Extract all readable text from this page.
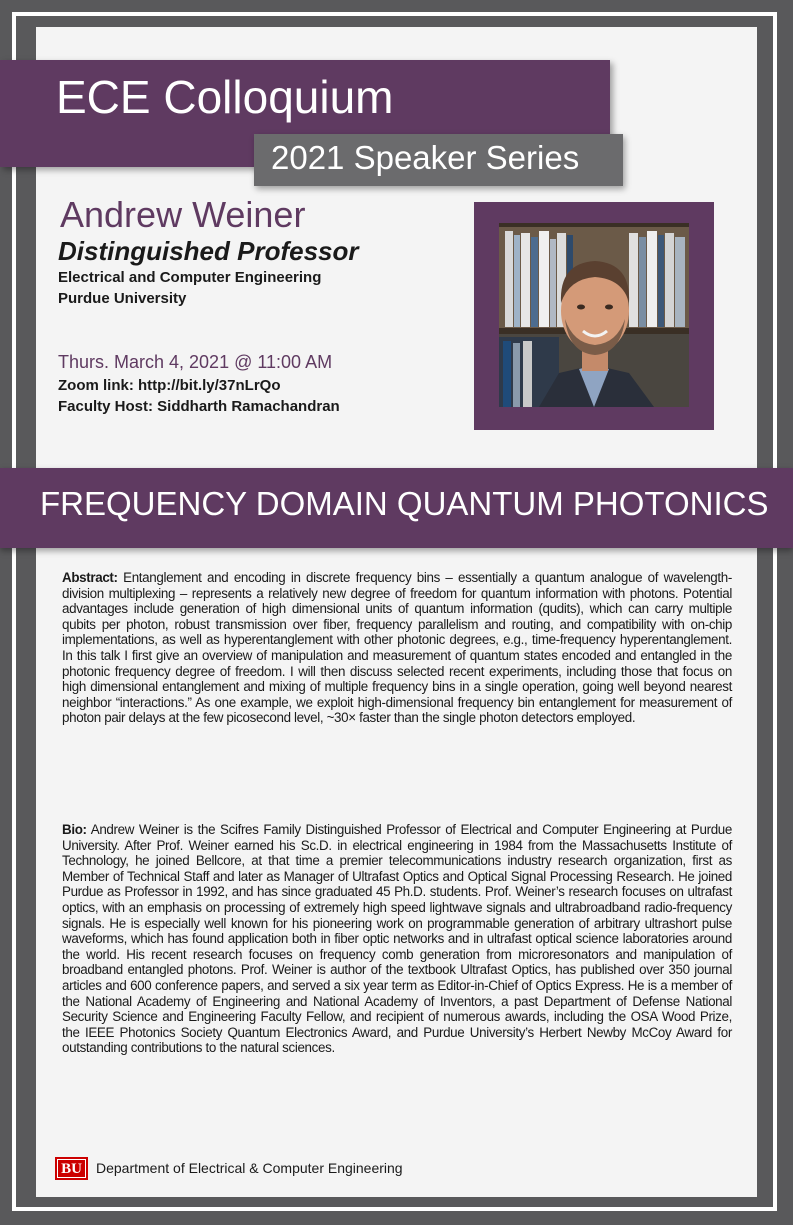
ECE Colloquium
2021 Speaker Series
Andrew Weiner
Distinguished Professor
Electrical and Computer Engineering
Purdue University
Thurs. March 4, 2021 @ 11:00 AM
Zoom link: http://bit.ly/37nLrQo
Faculty Host: Siddharth Ramachandran
FREQUENCY DOMAIN QUANTUM PHOTONICS
Abstract: Entanglement and encoding in discrete frequency bins – essentially a quantum analogue of wavelength-division multiplexing – represents a relatively new degree of freedom for quantum information with photons. Potential advantages include generation of high dimensional units of quantum information (qudits), which can carry multiple qubits per photon, robust transmission over fiber, frequency parallelism and routing, and compatibility with on-chip implementations, as well as hyperentanglement with other photonic degrees, e.g., time-frequency hyperentanglement. In this talk I first give an overview of manipulation and measurement of quantum states encoded and entangled in the photonic frequency degree of freedom. I will then discuss selected recent experiments, including those that focus on high dimensional entanglement and mixing of multiple frequency bins in a single operation, going well beyond nearest neighbor “interactions.” As one example, we exploit high-dimensional frequency bin entanglement for measurement of photon pair delays at the few picosecond level, ~30× faster than the single photon detectors employed.
Bio: Andrew Weiner is the Scifres Family Distinguished Professor of Electrical and Computer Engineering at Purdue University. After Prof. Weiner earned his Sc.D. in electrical engineering in 1984 from the Massachusetts Institute of Technology, he joined Bellcore, at that time a premier telecommunications industry research organization, first as Member of Technical Staff and later as Manager of Ultrafast Optics and Optical Signal Processing Research. He joined Purdue as Professor in 1992, and has since graduated 45 Ph.D. students. Prof. Weiner’s research focuses on ultrafast optics, with an emphasis on processing of extremely high speed lightwave signals and ultrabroadband radio-frequency signals. He is especially well known for his pioneering work on programmable generation of arbitrary ultrashort pulse waveforms, which has found application both in fiber optic networks and in ultrafast optical science laboratories around the world. His recent research focuses on frequency comb generation from microresonators and manipulation of broadband entangled photons. Prof. Weiner is author of the textbook Ultrafast Optics, has published over 350 journal articles and 600 conference papers, and served a six year term as Editor-in-Chief of Optics Express. He is a member of the National Academy of Engineering and National Academy of Inventors, a past Department of Defense National Security Science and Engineering Faculty Fellow, and recipient of numerous awards, including the OSA Wood Prize, the IEEE Photonics Society Quantum Electronics Award, and Purdue University’s Herbert Newby McCoy Award for outstanding contributions to the natural sciences.
BU	Department of Electrical & Computer Engineering
